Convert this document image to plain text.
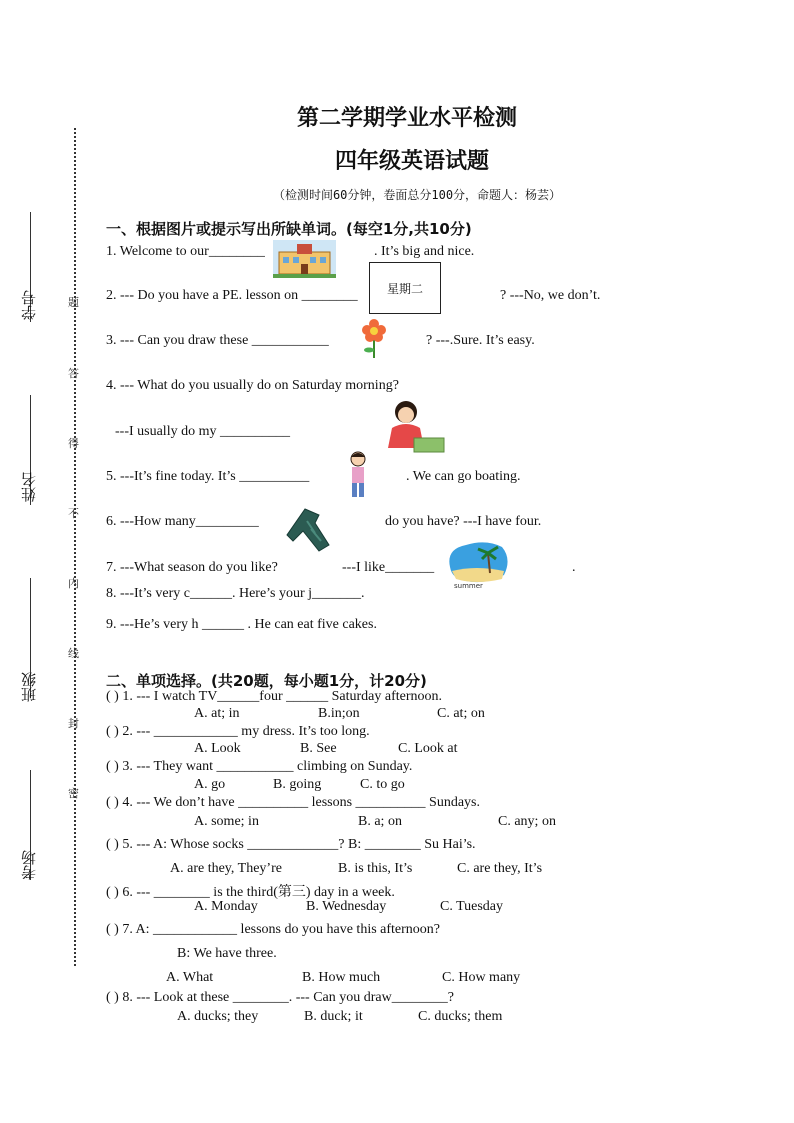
第二学期学业水平检测
四年级英语试题
（检测时间60分钟，卷面总分100分，命题人：杨芸）
学号
姓名
班级
考场
题
答
得
不
内
线
封
密
一、根据图片或提示写出所缺单词。(每空1分,共10分)
1. Welcome to our________	. It’s big and nice.
2. --- Do you have a PE. lesson on ________ 星期二	? ---No, we don’t.
3. --- Can you draw these ___________	? ---.Sure. It’s easy.
4. --- What do you usually do on Saturday morning?
---I usually do my __________
5. ---It’s fine today. It’s __________	. We can go boating.
6. ---How many_________	do you have? ---I have four.
7. ---What season do you like?	---I like_______
summer
.
8. ---It’s very c______. Here’s your j_______.
9. ---He’s very h ______ . He can eat five cakes.
二、单项选择。(共20题，每小题1分，计20分)
( ) 1. --- I watch TV______four ______ Saturday afternoon.
A. at; in	B.in;on	C. at; on
( ) 2. --- ____________ my dress. It’s too long.
A. Look	B. See	C. Look at
( ) 3. --- They want ___________ climbing on Sunday.
A. go	B. going	C. to go
( ) 4. --- We don’t have __________ lessons __________ Sundays.
A. some; in	B. a; on	C. any; on
( ) 5. --- A: Whose socks _____________? B: ________ Su Hai’s.
A. are they, They’re	B. is this, It’s	C. are they, It’s
( ) 6. --- ________ is the third(第三) day in a week.
A. Monday	B. Wednesday	C. Tuesday
( ) 7. A: ____________ lessons do you have this afternoon?
B: We have three.
A. What	B. How much	C. How many
( ) 8. --- Look at these ________. --- Can you draw________?
A. ducks; they	B. duck; it	C. ducks; them
